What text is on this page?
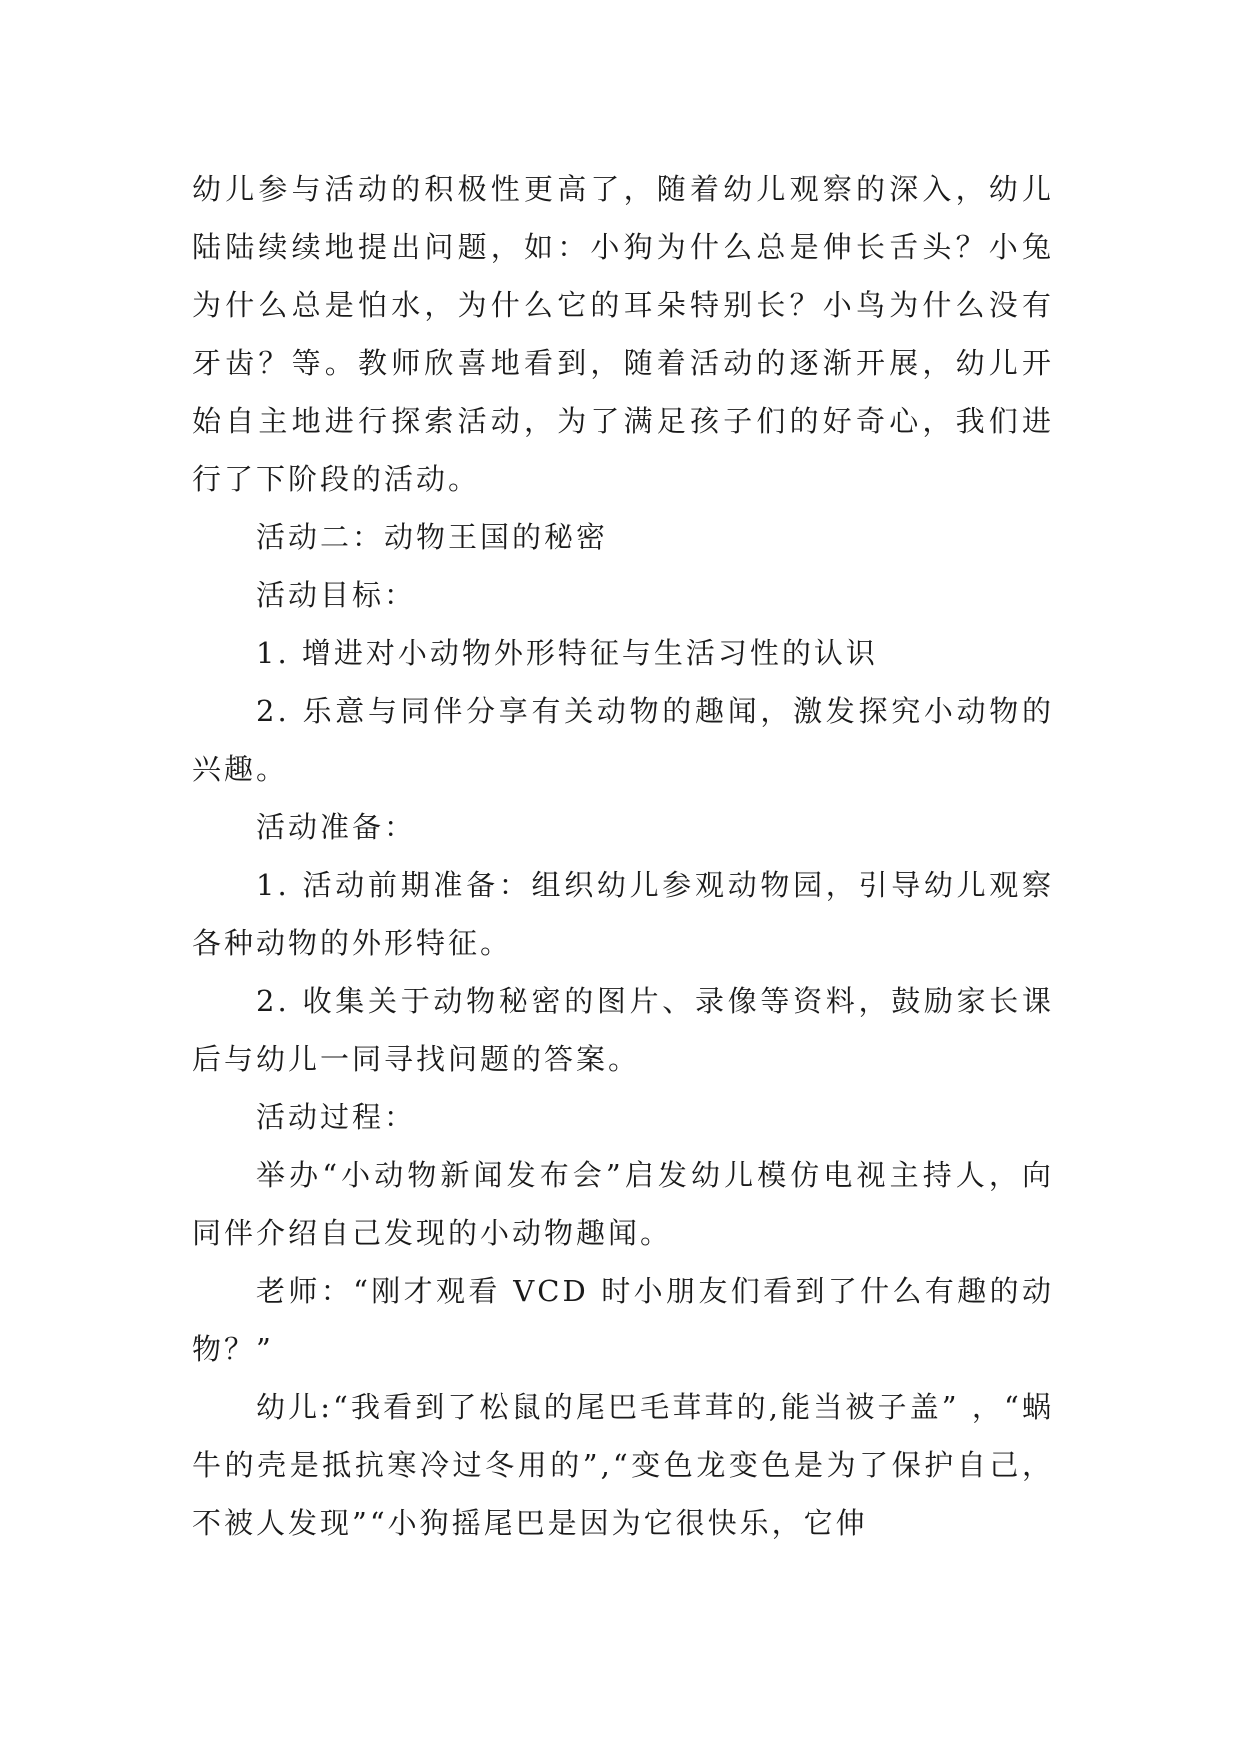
幼儿参与活动的积极性更高了，随着幼儿观察的深入，幼儿陆陆续续地提出问题，如：小狗为什么总是伸长舌头？小兔为什么总是怕水，为什么它的耳朵特别长？小鸟为什么没有牙齿？等。教师欣喜地看到，随着活动的逐渐开展，幼儿开始自主地进行探索活动，为了满足孩子们的好奇心，我们进行了下阶段的活动。

活动二：动物王国的秘密

活动目标：

1. 增进对小动物外形特征与生活习性的认识

2. 乐意与同伴分享有关动物的趣闻，激发探究小动物的兴趣。

活动准备：

1. 活动前期准备：组织幼儿参观动物园，引导幼儿观察各种动物的外形特征。

2. 收集关于动物秘密的图片、录像等资料，鼓励家长课后与幼儿一同寻找问题的答案。

活动过程：

举办“小动物新闻发布会”启发幼儿模仿电视主持人，向同伴介绍自己发现的小动物趣闻。

老师：“刚才观看 VCD 时小朋友们看到了什么有趣的动物？”

幼儿:“我看到了松鼠的尾巴毛茸茸的,能当被子盖” ，“蜗牛的壳是抵抗寒冷过冬用的”,“变色龙变色是为了保护自己，不被人发现”“小狗摇尾巴是因为它很快乐，它伸
